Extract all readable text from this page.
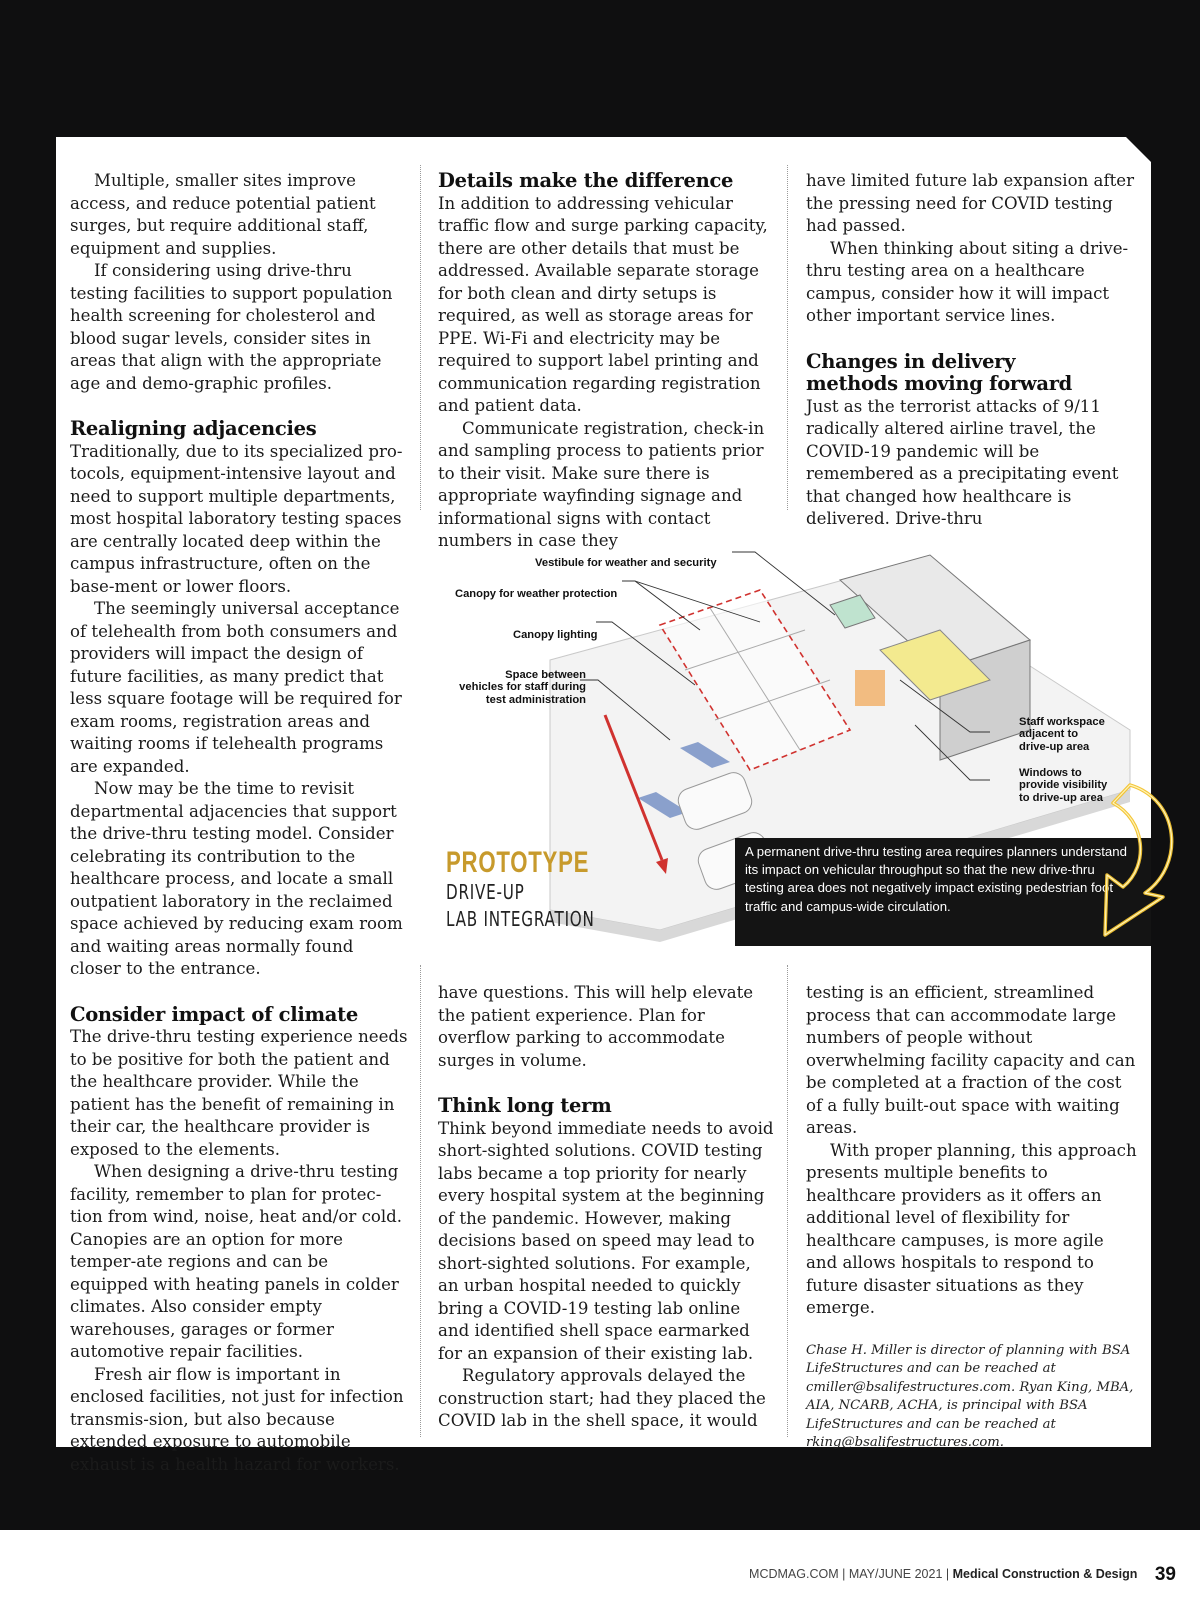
Multiple, smaller sites improve access, and reduce potential patient surges, but require additional staff, equipment and supplies.

If considering using drive-thru testing facilities to support population health screening for cholesterol and blood sugar levels, consider sites in areas that align with the appropriate age and demo-graphic profiles.

Realigning adjacencies

Traditionally, due to its specialized pro-tocols, equipment-intensive layout and need to support multiple departments, most hospital laboratory testing spaces are centrally located deep within the campus infrastructure, often on the base-ment or lower floors.

The seemingly universal acceptance of telehealth from both consumers and providers will impact the design of future facilities, as many predict that less square footage will be required for exam rooms, registration areas and waiting rooms if telehealth programs are expanded.

Now may be the time to revisit departmental adjacencies that support the drive-thru testing model. Consider celebrating its contribution to the healthcare process, and locate a small outpatient laboratory in the reclaimed space achieved by reducing exam room and waiting areas normally found closer to the entrance.

Consider impact of climate

The drive-thru testing experience needs to be positive for both the patient and the healthcare provider. While the patient has the benefit of remaining in their car, the healthcare provider is exposed to the elements.

When designing a drive-thru testing facility, remember to plan for protec-tion from wind, noise, heat and/or cold. Canopies are an option for more temper-ate regions and can be equipped with heating panels in colder climates. Also consider empty warehouses, garages or former automotive repair facilities.

Fresh air flow is important in enclosed facilities, not just for infection transmis-sion, but also because extended exposure to automobile exhaust is a health hazard for workers.

Details make the difference

In addition to addressing vehicular traffic flow and surge parking capacity, there are other details that must be addressed. Available separate storage for both clean and dirty setups is required, as well as storage areas for PPE. Wi-Fi and electricity may be required to support label printing and communication regarding registration and patient data.

Communicate registration, check-in and sampling process to patients prior to their visit. Make sure there is appropriate wayfinding signage and informational signs with contact numbers in case they

have limited future lab expansion after the pressing need for COVID testing had passed.

When thinking about siting a drive-thru testing area on a healthcare campus, consider how it will impact other important service lines.

Changes in delivery
methods moving forward

Just as the terrorist attacks of 9/11 radically altered airline travel, the COVID-19 pandemic will be remembered as a precipitating event that changed how healthcare is delivered. Drive-thru

Vestibule for weather and security
Canopy for weather protection
Canopy lighting
Space between
vehicles for staff during
test administration
Staff workspace
adjacent to
drive-up area
Windows to
provide visibility
to drive-up area
PROTOTYPE
DRIVE-UP
LAB INTEGRATION
A permanent drive-thru testing area requires planners understand its impact on vehicular throughput so that the new drive-thru testing area does not negatively impact existing pedestrian foot traffic and campus-wide circulation.

have questions. This will help elevate the patient experience. Plan for overflow parking to accommodate surges in volume.

Think long term

Think beyond immediate needs to avoid short-sighted solutions. COVID testing labs became a top priority for nearly every hospital system at the beginning of the pandemic. However, making decisions based on speed may lead to short-sighted solutions. For example, an urban hospital needed to quickly bring a COVID-19 testing lab online and identified shell space earmarked for an expansion of their existing lab.

Regulatory approvals delayed the construction start; had they placed the COVID lab in the shell space, it would

testing is an efficient, streamlined process that can accommodate large numbers of people without overwhelming facility capacity and can be completed at a fraction of the cost of a fully built-out space with waiting areas.

With proper planning, this approach presents multiple benefits to healthcare providers as it offers an additional level of flexibility for healthcare campuses, is more agile and allows hospitals to respond to future disaster situations as they emerge.

Chase H. Miller is director of planning with BSA LifeStructures and can be reached at cmiller@bsalifestructures.com. Ryan King, MBA, AIA, NCARB, ACHA, is principal with BSA LifeStructures and can be reached at rking@bsalifestructures.com.

MCDMAG.COM | MAY/JUNE 2021 | Medical Construction & Design 39
